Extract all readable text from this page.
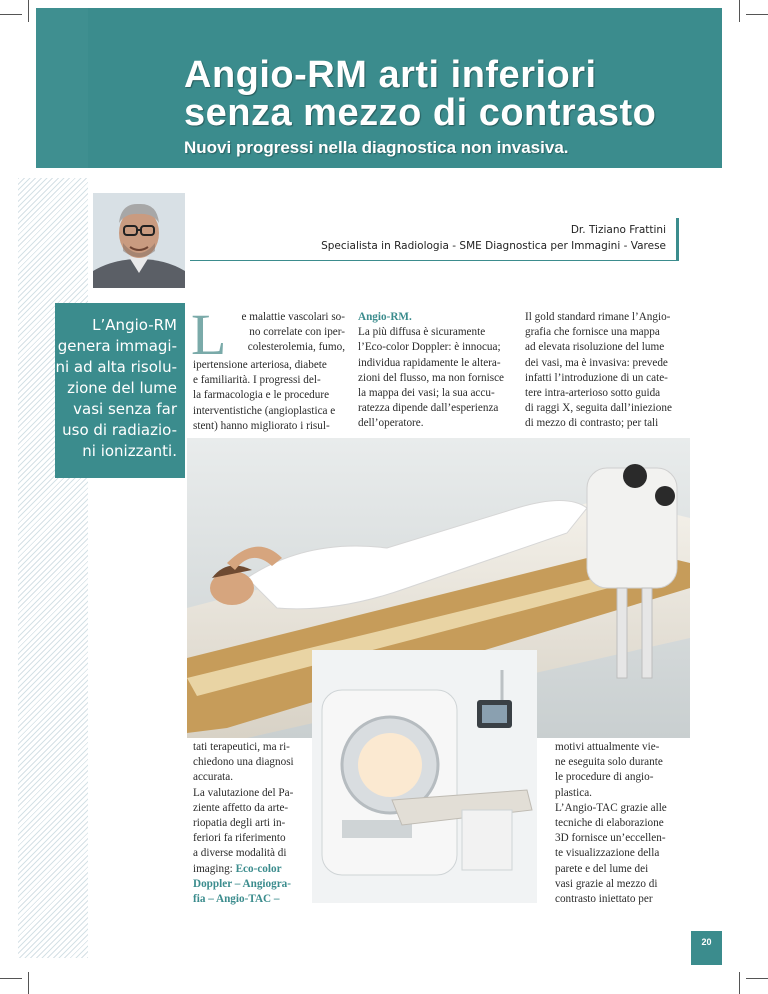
Angio-RM arti inferiori
senza mezzo di contrasto
Nuovi progressi nella diagnostica non invasiva.
Dr. Tiziano Frattini
Specialista in Radiologia - SME Diagnostica per Immagini - Varese
L’Angio-RM
genera immagi-
ni ad alta risolu-
zione del lume
vasi senza far
uso di radiazio-
ni ionizzanti.
L	e malattie vascolari so-
no correlate con iper-
colesterolemia, fumo,
ipertensione arteriosa, diabete
e familiarità. I progressi del-
la farmacologia e le procedure
interventistiche (angioplastica e
stent) hanno migliorato i risul-
Angio-RM.
La più diffusa è sicuramente
l’Eco-color Doppler: è innocua;
individua rapidamente le altera-
zioni del flusso, ma non fornisce
la mappa dei vasi; la sua accu-
ratezza dipende dall’esperienza
dell’operatore.
Il gold standard rimane l’Angio-
grafia che fornisce una mappa
ad elevata risoluzione del lume
dei vasi, ma è invasiva: prevede
infatti l’introduzione di un cate-
tere intra-arterioso sotto guida
di raggi X, seguita dall’iniezione
di mezzo di contrasto; per tali
tati terapeutici, ma ri-
chiedono una diagnosi
accurata.
La valutazione del Pa-
ziente affetto da arte-
riopatia degli arti in-
feriori fa riferimento
a diverse modalità di
imaging: Eco-color
Doppler – Angiogra-
fia – Angio-TAC –
motivi attualmente vie-
ne eseguita solo durante
le procedure di angio-
plastica.
L’Angio-TAC grazie alle
tecniche di elaborazione
3D fornisce un’eccellen-
te visualizzazione della
parete e del lume dei
vasi grazie al mezzo di
contrasto iniettato per
20
